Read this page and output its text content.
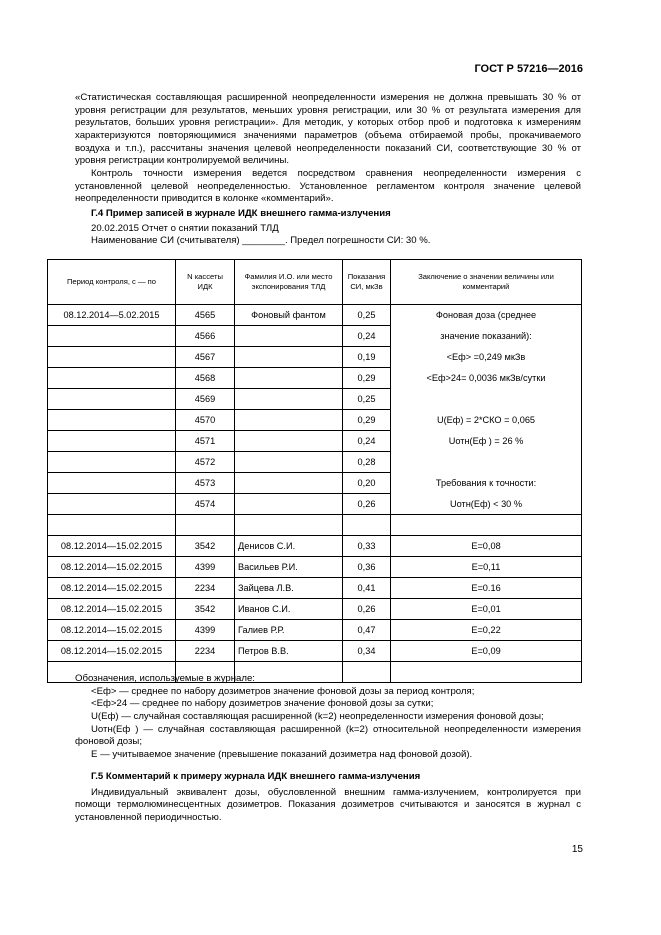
ГОСТ Р 57216—2016

«Статистическая составляющая расширенной неопределенности измерения не должна превышать 30 % от уровня регистрации для результатов, меньших уровня регистрации, или 30 % от результата измерения для результатов, больших уровня регистрации». Для методик, у которых отбор проб и подготовка к измерениям характеризуются повторяющимися значениями параметров (объема отбираемой пробы, прокачиваемого воздуха и т.п.), рассчитаны значения целевой неопределенности показаний СИ, соответствующие 30 % от уровня регистрации контролируемой величины.

Контроль точности измерения ведется посредством сравнения неопределенности измерения с установленной целевой неопределенностью. Установленное регламентом контроля значение целевой неопределенности приводится в колонке «комментарий».

Г.4 Пример записей в журнале ИДК внешнего гамма-излучения

20.02.2015 Отчет о снятии показаний ТЛД

Наименование СИ (считывателя) ________. Предел погрешности СИ: 30 %.

Период контроля, с — по	N кассеты ИДК	Фамилия И.О. или место экспонирования ТЛД	Показания СИ, мкЗв	Заключение о значении величины или комментарий
08.12.2014—5.02.2015	4565	Фоновый фантом	0,25	Фоновая доза (среднее
	4566		0,24	значение показаний):
	4567		0,19	<Eф> =0,249 мкЗв
	4568		0,29	<Eф>24= 0,0036 мкЗв/сутки
	4569		0,25	
	4570		0,29	U(Eф) = 2*СКО = 0,065
	4571		0,24	Uотн(Eф ) = 26 %
	4572		0,28	
	4573		0,20	Требования к точности:
	4574		0,26	Uотн(Eф) < 30 %

08.12.2014—15.02.2015	3542	Денисов С.И.	0,33	E=0,08
08.12.2014—15.02.2015	4399	Васильев Р.И.	0,36	E=0,11
08.12.2014—15.02.2015	2234	Зайцева Л.В.	0,41	E=0.16
08.12.2014—15.02.2015	3542	Иванов С.И.	0,26	E=0,01
08.12.2014—15.02.2015	4399	Галиев Р.Р.	0,47	E=0,22
08.12.2014—15.02.2015	2234	Петров В.В.	0,34	E=0,09

Обозначения, используемые в журнале:

<Eф> — среднее по набору дозиметров значение фоновой дозы за период контроля;

<Eф>24 — среднее по набору дозиметров значение фоновой дозы за сутки;

U(Eф) — случайная составляющая расширенной (k=2) неопределенности измерения фоновой дозы;

Uотн(Eф ) — случайная составляющая расширенной (k=2) относительной неопределенности измерения фоновой дозы;

E — учитываемое значение (превышение показаний дозиметра над фоновой дозой).

Г.5 Комментарий к примеру журнала ИДК внешнего гамма-излучения

Индивидуальный эквивалент дозы, обусловленной внешним гамма-излучением, контролируется при помощи термолюминесцентных дозиметров. Показания дозиметров считываются и заносятся в журнал с установленной периодичностью.

15
